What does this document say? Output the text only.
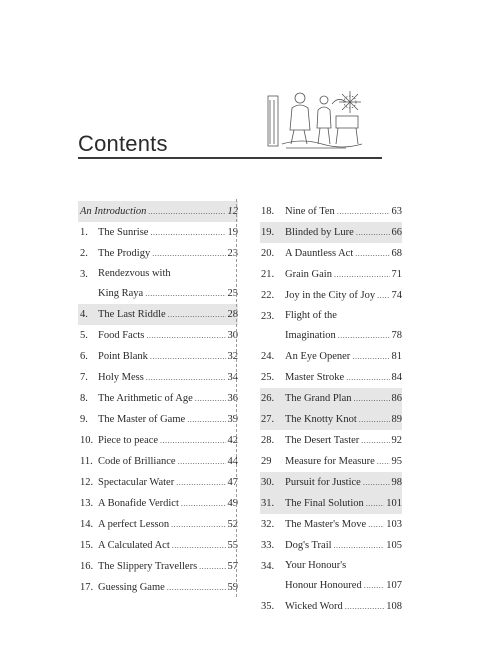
Contents
An Introduction .....	12
1. The Sunrise .....	19
2. The Prodigy .....	23
3. Rendezvous with
King Raya .....	25
4. The Last Riddle .....	28
5. Food Facts .....	30
6. Point Blank .....	32
7. Holy Mess .....	34
8. The Arithmetic of Age .....	36
9. The Master of Game .....	39
10. Piece to peace .....	42
11. Code of Brilliance .....	44
12. Spectacular Water .....	47
13. A Bonafide Verdict .....	49
14. A perfect Lesson .....	52
15. A Calculated Act .....	55
16. The Slippery Travellers .....	57
17. Guessing Game .....	59
18. Nine of Ten .....	63
19. Blinded by Lure .....	66
20. A Dauntless Act .....	68
21. Grain Gain .....	71
22. Joy in the City of Joy ..... 74
23. Flight of the
Imagination .....	78
24. An Eye Opener .....	81
25. Master Stroke .....	84
26. The Grand Plan .....	86
27. The Knotty Knot .....	89
28. The Desert Taster .....	92
29 Measure for Measure ..... 95
30. Pursuit for Justice .....	98
31. The Final Solution ..... 101
32. The Master's Move ..... 103
33. Dog's Trail .....	105
34. Your Honour's
Honour Honoured ..... 107
35. Wicked Word .....	108
